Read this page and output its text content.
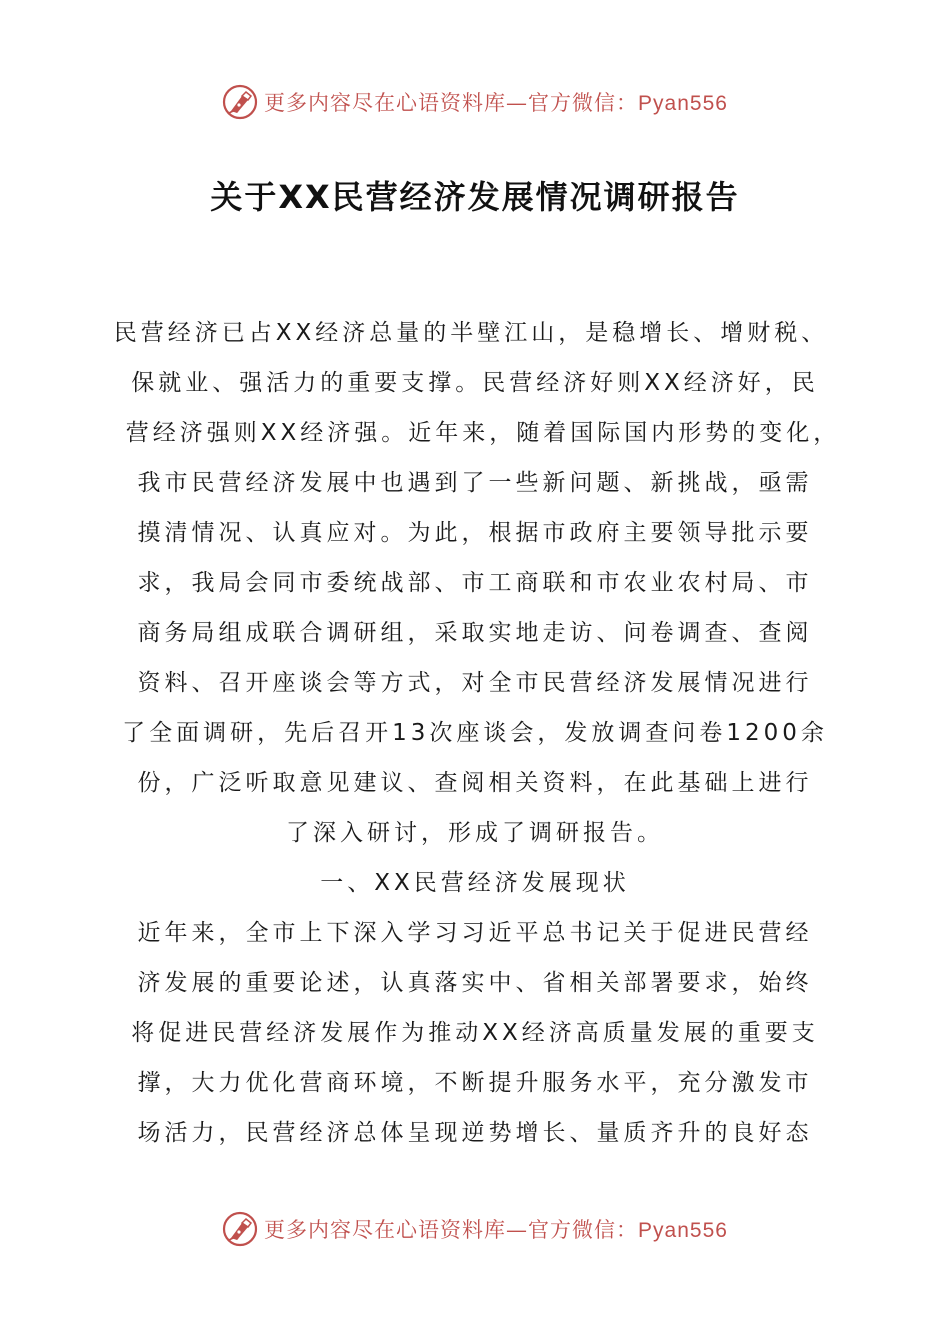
更多内容尽在心语资料库—官方微信：Pyan556
关于XX民营经济发展情况调研报告
民营经济已占XX经济总量的半壁江山，是稳增长、增财税、
保就业、强活力的重要支撑。民营经济好则XX经济好，民
营经济强则XX经济强。近年来，随着国际国内形势的变化，
我市民营经济发展中也遇到了一些新问题、新挑战，亟需
摸清情况、认真应对。为此，根据市政府主要领导批示要
求，我局会同市委统战部、市工商联和市农业农村局、市
商务局组成联合调研组，采取实地走访、问卷调查、查阅
资料、召开座谈会等方式，对全市民营经济发展情况进行
了全面调研，先后召开13次座谈会，发放调查问卷1200余
份，广泛听取意见建议、查阅相关资料，在此基础上进行
了深入研讨，形成了调研报告。
一、XX民营经济发展现状
近年来，全市上下深入学习习近平总书记关于促进民营经
济发展的重要论述，认真落实中、省相关部署要求，始终
将促进民营经济发展作为推动XX经济高质量发展的重要支
撑，大力优化营商环境，不断提升服务水平，充分激发市
场活力，民营经济总体呈现逆势增长、量质齐升的良好态
更多内容尽在心语资料库—官方微信：Pyan556
